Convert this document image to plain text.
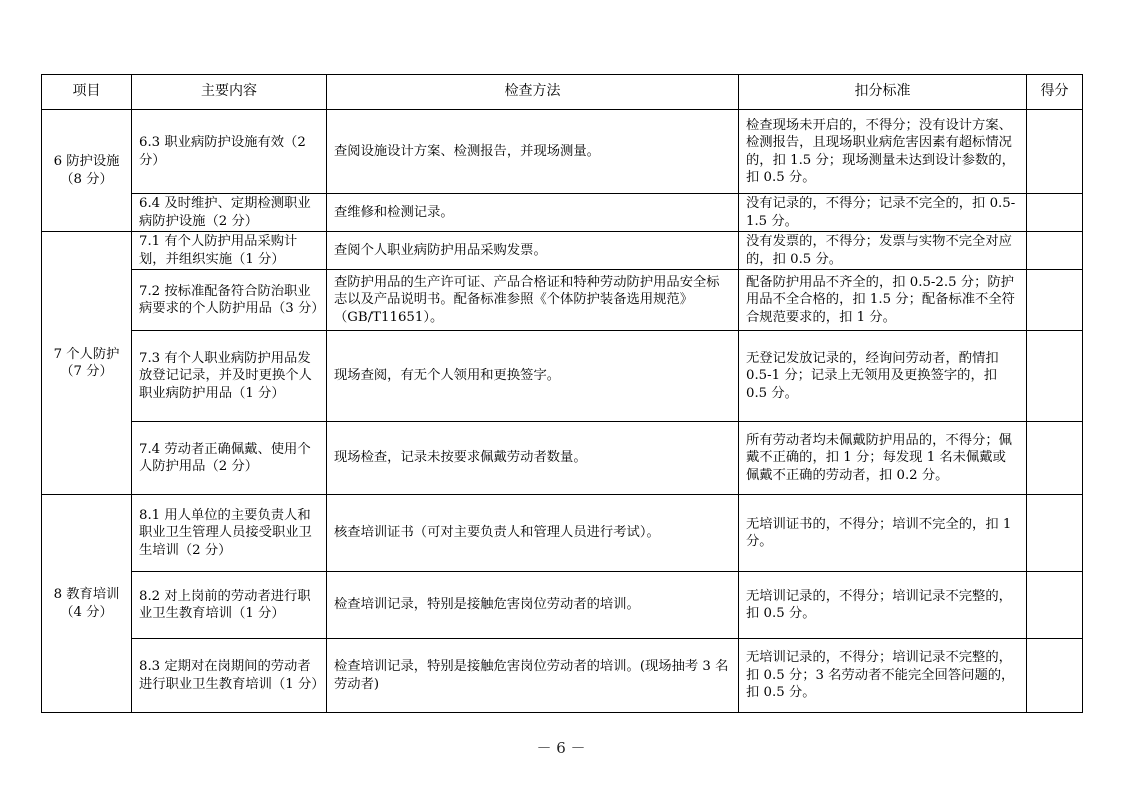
项目	主要内容	检查方法	扣分标准	得分

6 防护设施
（8 分）	6.3 职业病防护设施有效（2 分）	查阅设施设计方案、检测报告，并现场测量。	检查现场未开启的，不得分；没有设计方案、检测报告，且现场职业病危害因素有超标情况的，扣 1.5 分；现场测量未达到设计参数的，扣 0.5 分。	
	6.4 及时维护、定期检测职业病防护设施（2 分）	查维修和检测记录。	没有记录的，不得分；记录不完全的，扣 0.5-1.5 分。	

7 个人防护
（7 分）	7.1 有个人防护用品采购计划，并组织实施（1 分）	查阅个人职业病防护用品采购发票。	没有发票的，不得分；发票与实物不完全对应的，扣 0.5 分。	
	7.2 按标准配备符合防治职业病要求的个人防护用品（3 分）	查防护用品的生产许可证、产品合格证和特种劳动防护用品安全标志以及产品说明书。配备标准参照《个体防护装备选用规范》（GB/T11651）。	配备防护用品不齐全的，扣 0.5-2.5 分；防护用品不全合格的，扣 1.5 分；配备标准不全符合规范要求的，扣 1 分。	
	7.3 有个人职业病防护用品发放登记记录，并及时更换个人职业病防护用品（1 分）	现场查阅，有无个人领用和更换签字。	无登记发放记录的，经询问劳动者，酌情扣 0.5-1 分；记录上无领用及更换签字的，扣 0.5 分。	
	7.4 劳动者正确佩戴、使用个人防护用品（2 分）	现场检查，记录未按要求佩戴劳动者数量。	所有劳动者均未佩戴防护用品的，不得分；佩戴不正确的，扣 1 分；每发现 1 名未佩戴或佩戴不正确的劳动者，扣 0.2 分。	

8 教育培训
（4 分）	8.1 用人单位的主要负责人和职业卫生管理人员接受职业卫生培训（2 分）	核查培训证书（可对主要负责人和管理人员进行考试）。	无培训证书的，不得分；培训不完全的，扣 1 分。	
	8.2 对上岗前的劳动者进行职业卫生教育培训（1 分）	检查培训记录，特别是接触危害岗位劳动者的培训。	无培训记录的，不得分；培训记录不完整的，扣 0.5 分。	
	8.3 定期对在岗期间的劳动者进行职业卫生教育培训（1 分）	检查培训记录，特别是接触危害岗位劳动者的培训。(现场抽考 3 名劳动者)	无培训记录的，不得分；培训记录不完整的，扣 0.5 分；3 名劳动者不能完全回答问题的，扣 0.5 分。	
－ 6 －
